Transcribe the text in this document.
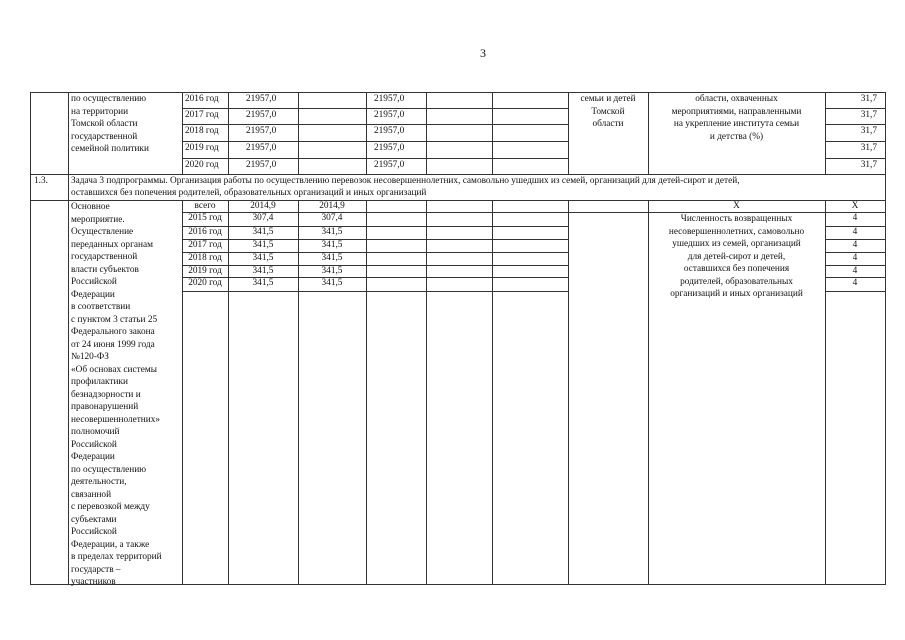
3
по осуществлению
на территории
Томской области
государственной
семейной политики
2016 год
2017 год
2018 год
2019 год
2020 год
21957,0
21957,0
21957,0
21957,0
21957,0
21957,0
21957,0
21957,0
21957,0
21957,0
семьи и детей
Томской
области
области, охваченных
мероприятиями, направленными
на укрепление института семьи
и детства (%)
31,7
31,7
31,7
31,7
31,7
1.3.	Задача 3 подпрограммы. Организация работы по осуществлению перевозок несовершеннолетних, самовольно ушедших из семей, организаций для детей-сирот и детей,
оставшихся без попечения родителей, образовательных организаций и иных организаций
Основное
мероприятие.
Осуществление
переданных органам
государственной
власти субъектов
Российской
Федерации
в соответствии
с пунктом 3 статьи 25
Федерального закона
от 24 июня 1999 года
№120-ФЗ
«Об основах системы
профилактики
безнадзорности и
правонарушений
несовершеннолетних»
полномочий
Российской
Федерации
по осуществлению
деятельности,
связанной
с перевозкой между
субъектами
Российской
Федерации, а также
в пределах территорий
государств –
участников
всего
2015 год
2016 год
2017 год
2018 год
2019 год
2020 год
2014,9
307,4
341,5
341,5
341,5
341,5
341,5
2014,9
307,4
341,5
341,5
341,5
341,5
341,5
Х
Численность возвращенных
несовершеннолетних, самовольно
ушедших из семей, организаций
для детей-сирот и детей,
оставшихся без попечения
родителей, образовательных
организаций и иных организаций
Х
4
4
4
4
4
4
